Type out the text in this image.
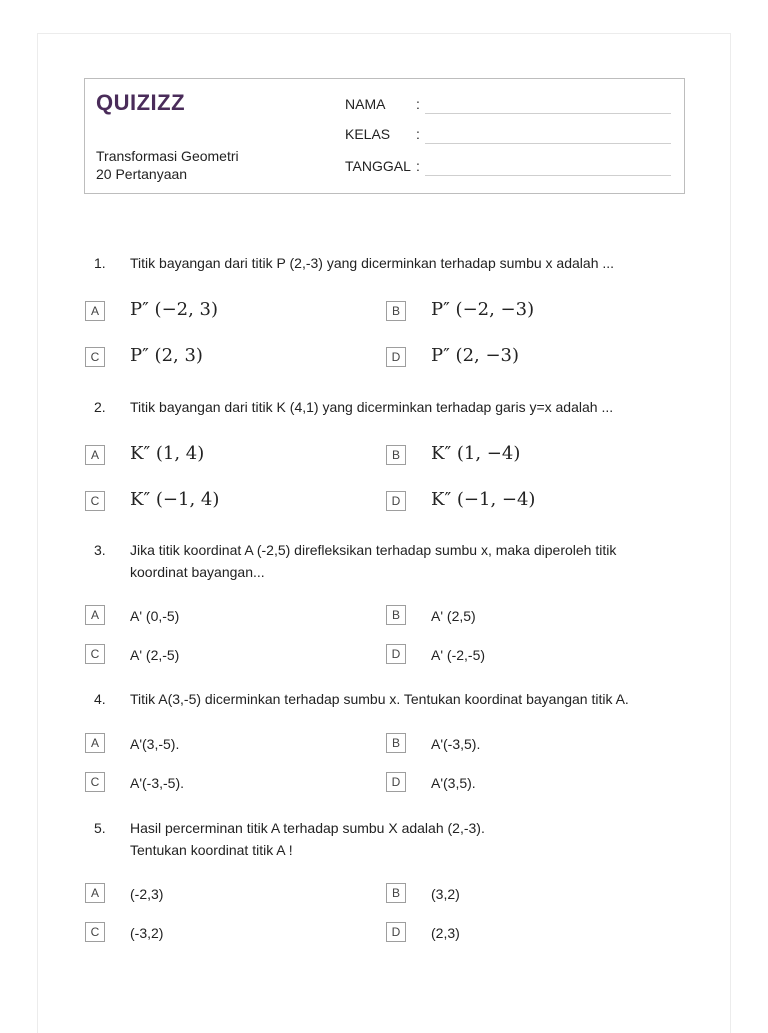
QUIZIZZ
Transformasi Geometri
20 Pertanyaan
NAMA :
KELAS :
TANGGAL :
1.	Titik bayangan dari titik P (2,-3) yang dicerminkan terhadap sumbu x adalah ...
A	P″ (−2, 3)	B	P″ (−2, −3)
C	P″ (2, 3)	D	P″ (2, −3)
2.	Titik bayangan dari titik K (4,1) yang dicerminkan terhadap garis y=x adalah ...
A	K″ (1, 4)	B	K″ (1, −4)
C	K″ (−1, 4)	D	K″ (−1, −4)
3.	Jika titik koordinat A (-2,5) direfleksikan terhadap sumbu x, maka diperoleh titik
koordinat bayangan...
A	A' (0,-5)	B	A' (2,5)
C	A' (2,-5)	D	A' (-2,-5)
4.	Titik A(3,-5) dicerminkan terhadap sumbu x. Tentukan koordinat bayangan titik A.
A	A'(3,-5).	B	A'(-3,5).
C	A'(-3,-5).	D	A'(3,5).
5.	Hasil percerminan titik A terhadap sumbu X adalah (2,-3).
Tentukan koordinat titik A !
A	(-2,3)	B	(3,2)
C	(-3,2)	D	(2,3)
